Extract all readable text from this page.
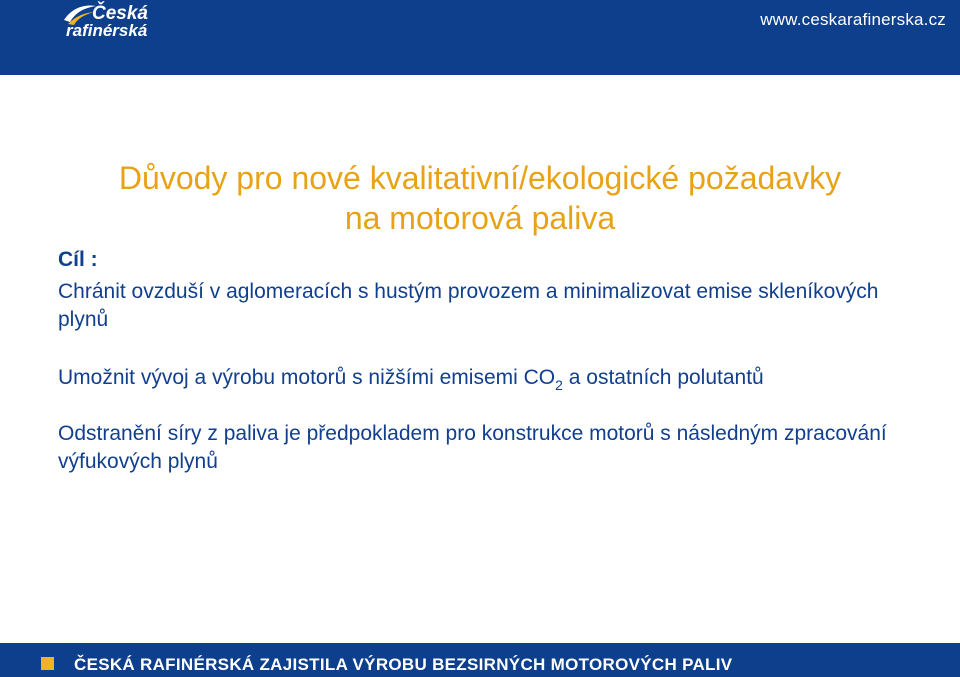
Česká
rafinérská
www.ceskarafinerska.cz
Důvody pro nové kvalitativní/ekologické požadavky
na motorová paliva
Cíl :
Chránit ovzduší v aglomeracích s hustým provozem a minimalizovat emise skleníkových plynů
Umožnit vývoj a výrobu motorů s nižšími emisemi $CO_2$ a ostatních polutantů
Odstranění síry z paliva je předpokladem pro konstrukce motorů s následným zpracování výfukových plynů
ČESKÁ RAFINÉRSKÁ ZAJISTILA VÝROBU BEZSIRNÝCH MOTOROVÝCH PALIV
